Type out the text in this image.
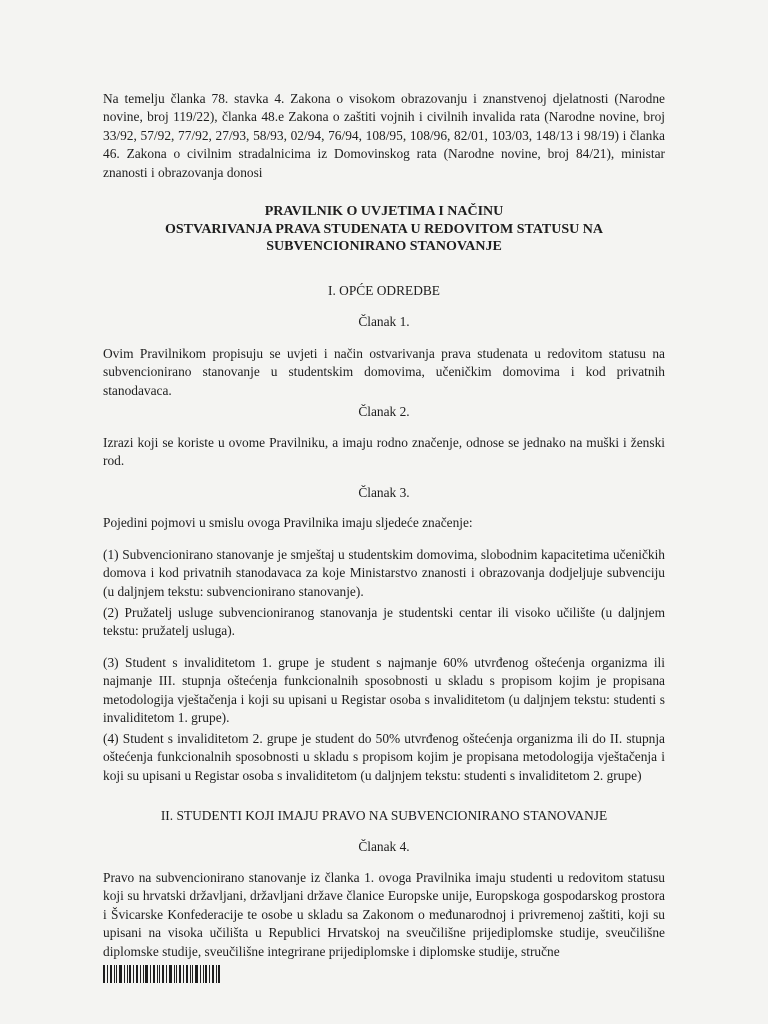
Na temelju članka 78. stavka 4. Zakona o visokom obrazovanju i znanstvenoj djelatnosti (Narodne novine, broj 119/22), članka 48.e Zakona o zaštiti vojnih i civilnih invalida rata (Narodne novine, broj 33/92, 57/92, 77/92, 27/93, 58/93, 02/94, 76/94, 108/95, 108/96, 82/01, 103/03, 148/13 i 98/19) i članka 46. Zakona o civilnim stradalnicima iz Domovinskog rata (Narodne novine, broj 84/21), ministar znanosti i obrazovanja donosi
PRAVILNIK O UVJETIMA I NAČINU
OSTVARIVANJA PRAVA STUDENATA U REDOVITOM STATUSU NA
SUBVENCIONIRANO STANOVANJE
I. OPĆE ODREDBE
Članak 1.
Ovim Pravilnikom propisuju se uvjeti i način ostvarivanja prava studenata u redovitom statusu na subvencionirano stanovanje u studentskim domovima, učeničkim domovima i kod privatnih stanodavaca.
Članak 2.
Izrazi koji se koriste u ovome Pravilniku, a imaju rodno značenje, odnose se jednako na muški i ženski rod.
Članak 3.
Pojedini pojmovi u smislu ovoga Pravilnika imaju sljedeće značenje:
(1) Subvencionirano stanovanje je smještaj u studentskim domovima, slobodnim kapacitetima učeničkih domova i kod privatnih stanodavaca za koje Ministarstvo znanosti i obrazovanja dodjeljuje subvenciju (u daljnjem tekstu: subvencionirano stanovanje).
(2) Pružatelj usluge subvencioniranog stanovanja je studentski centar ili visoko učilište (u daljnjem tekstu: pružatelj usluga).
(3) Student s invaliditetom 1. grupe je student s najmanje 60% utvrđenog oštećenja organizma ili najmanje III. stupnja oštećenja funkcionalnih sposobnosti u skladu s propisom kojim je propisana metodologija vještačenja i koji su upisani u Registar osoba s invaliditetom (u daljnjem tekstu: studenti s invaliditetom 1. grupe).
(4) Student s invaliditetom 2. grupe je student do 50% utvrđenog oštećenja organizma ili do II. stupnja oštećenja funkcionalnih sposobnosti u skladu s propisom kojim je propisana metodologija vještačenja i koji su upisani u Registar osoba s invaliditetom (u daljnjem tekstu: studenti s invaliditetom 2. grupe)
II. STUDENTI KOJI IMAJU PRAVO NA SUBVENCIONIRANO STANOVANJE
Članak 4.
Pravo na subvencionirano stanovanje iz članka 1. ovoga Pravilnika imaju studenti u redovitom statusu koji su hrvatski državljani, državljani države članice Europske unije, Europskoga gospodarskog prostora i Švicarske Konfederacije te osobe u skladu sa Zakonom o međunarodnoj i privremenoj zaštiti, koji su upisani na visoka učilišta u Republici Hrvatskoj na sveučilišne prijediplomske studije, sveučilišne diplomske studije, sveučilišne integrirane prijediplomske i diplomske studije, stručne
